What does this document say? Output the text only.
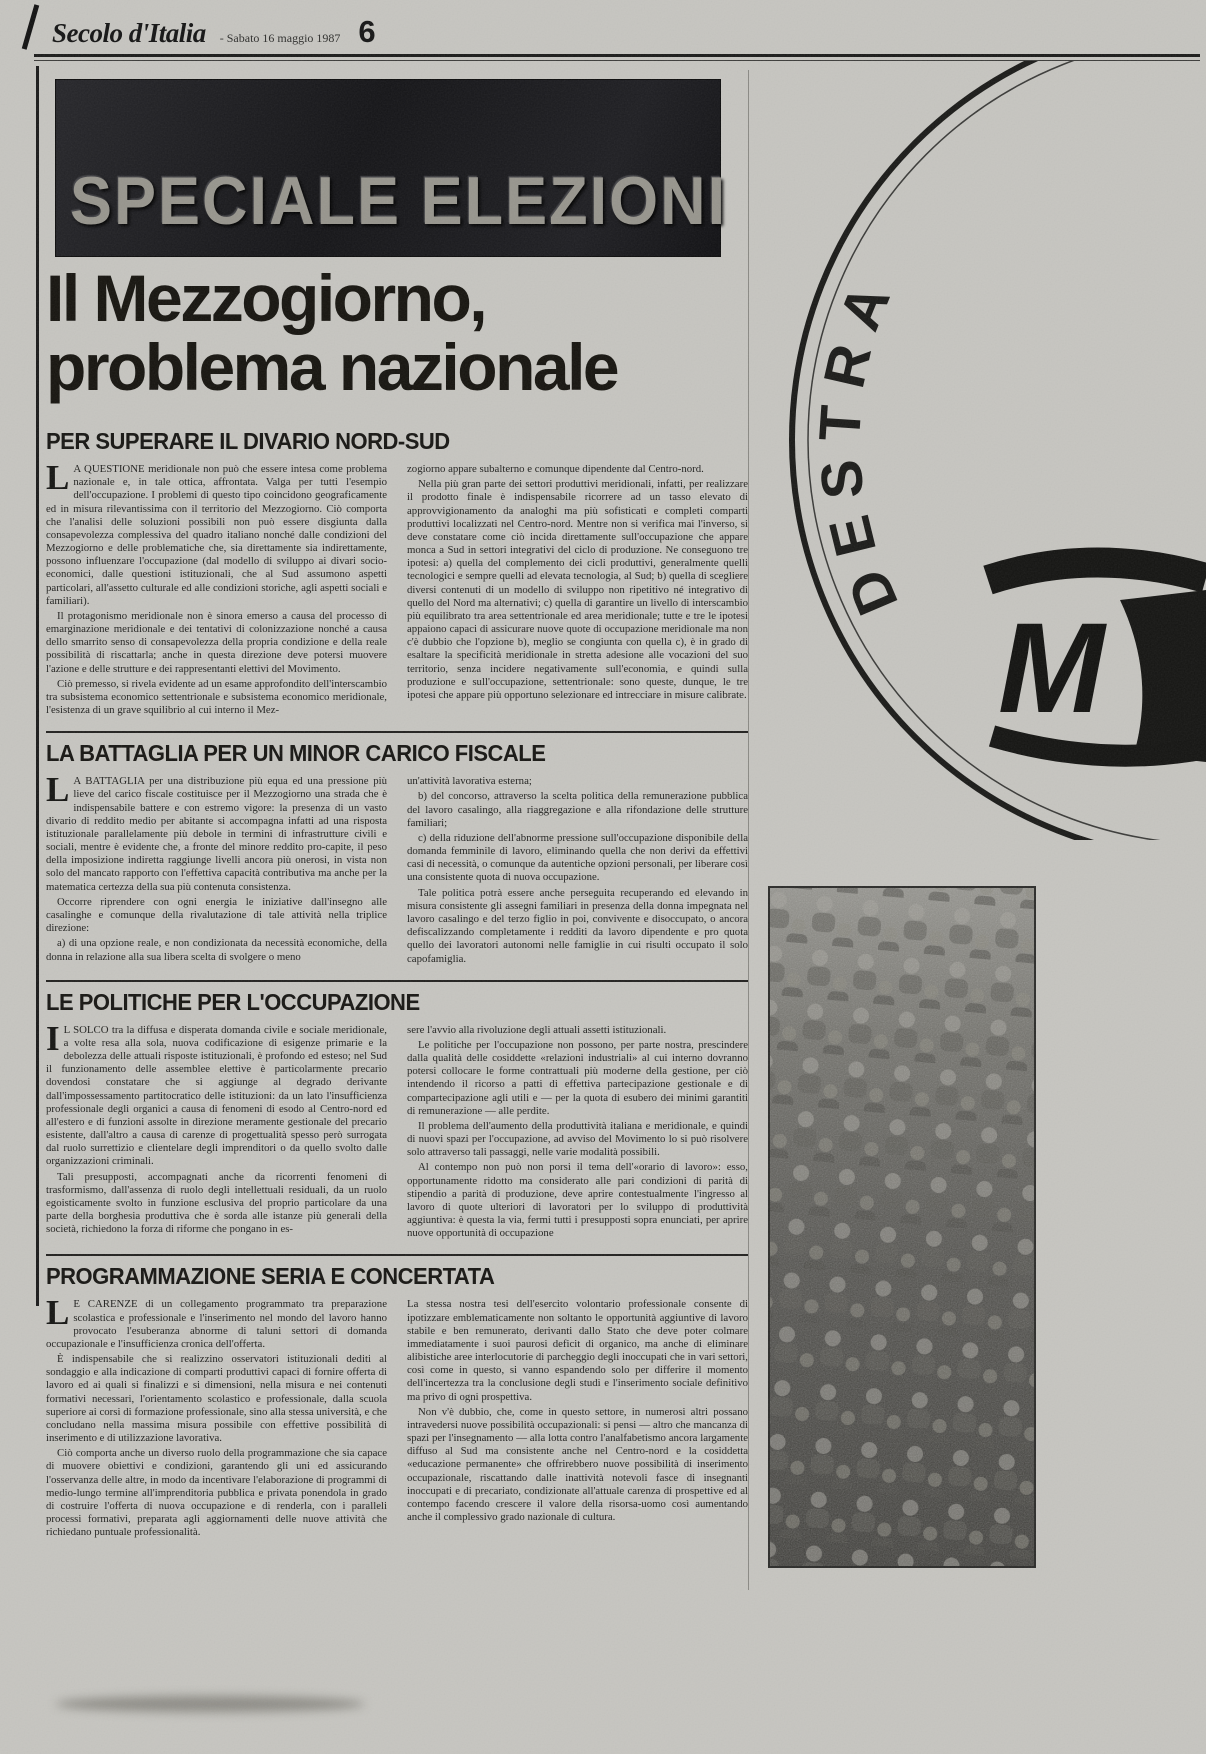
Secolo d'Italia - Sabato 16 maggio 1987 6
SPECIALE ELEZIONI
Il Mezzogiorno,
problema nazionale
PER SUPERARE IL DIVARIO NORD-SUD

L A QUESTIONE meridionale non può che essere intesa come problema nazionale e, in tale ottica, affrontata. Valga per tutti l'esempio dell'occupazione. I problemi di questo tipo coincidono geograficamente ed in misura rilevantissima con il territorio del Mezzogiorno. Ciò comporta che l'analisi delle soluzioni possibili non può essere disgiunta dalla consapevolezza complessiva del quadro italiano nonché dalle condizioni del Mezzogiorno e delle problematiche che, sia direttamente sia indirettamente, possono influenzare l'occupazione (dal modello di sviluppo ai divari socio-economici, dalle questioni istituzionali, che al Sud assumono aspetti particolari, all'assetto culturale ed alle condizioni storiche, agli aspetti sociali e familiari).

Il protagonismo meridionale non è sinora emerso a causa del processo di emarginazione meridionale e dei tentativi di colonizzazione nonché a causa dello smarrito senso di consapevolezza della propria condizione e della reale possibilità di riscattarla; anche in questa direzione deve potersi muovere l'azione e delle strutture e dei rappresentanti elettivi del Movimento.

Ciò premesso, si rivela evidente ad un esame approfondito dell'interscambio tra subsistema economico settentrionale e subsistema economico meridionale, l'esistenza di un grave squilibrio al cui interno il Mez-

zogiorno appare subalterno e comunque dipendente dal Centro-nord.

Nella più gran parte dei settori produttivi meridionali, infatti, per realizzare il prodotto finale è indispensabile ricorrere ad un tasso elevato di approvvigionamento da analoghi ma più sofisticati e completi comparti produttivi localizzati nel Centro-nord. Mentre non si verifica mai l'inverso, si deve constatare come ciò incida direttamente sull'occupazione che appare monca a Sud in settori integrativi del ciclo di produzione. Ne conseguono tre ipotesi: a) quella del complemento dei cicli produttivi, generalmente quelli tecnologici e sempre quelli ad elevata tecnologia, al Sud; b) quella di scegliere diversi contenuti di un modello di sviluppo non ripetitivo né integrativo di quello del Nord ma alternativi; c) quella di garantire un livello di interscambio più equilibrato tra area settentrionale ed area meridionale; tutte e tre le ipotesi appaiono capaci di assicurare nuove quote di occupazione meridionale ma non c'è dubbio che l'opzione b), meglio se congiunta con quella c), è in grado di esaltare la specificità meridionale in stretta adesione alle vocazioni del suo territorio, senza incidere negativamente sull'economia, e quindi sulla produzione e sull'occupazione, settentrionale: sono queste, dunque, le tre ipotesi che appare più opportuno selezionare ed intrecciare in misure calibrate.

LA BATTAGLIA PER UN MINOR CARICO FISCALE

L A BATTAGLIA per una distribuzione più equa ed una pressione più lieve del carico fiscale costituisce per il Mezzogiorno una strada che è indispensabile battere e con estremo vigore: la presenza di un vasto divario di reddito medio per abitante si accompagna infatti ad una risposta istituzionale parallelamente più debole in termini di infrastrutture civili e sociali, mentre è evidente che, a fronte del minore reddito pro-capite, il peso della imposizione indiretta raggiunge livelli ancora più onerosi, in vista non solo del mancato rapporto con l'effettiva capacità contributiva ma anche per la matematica certezza della sua più contenuta consistenza.

Occorre riprendere con ogni energia le iniziative dall'insegno alle casalinghe e comunque della rivalutazione di tale attività nella triplice direzione:

a) di una opzione reale, e non condizionata da necessità economiche, della donna in relazione alla sua libera scelta di svolgere o meno

un'attività lavorativa esterna;

b) del concorso, attraverso la scelta politica della remunerazione pubblica del lavoro casalingo, alla riaggregazione e alla rifondazione delle strutture familiari;

c) della riduzione dell'abnorme pressione sull'occupazione disponibile della domanda femminile di lavoro, eliminando quella che non derivi da effettivi casi di necessità, o comunque da autentiche opzioni personali, per liberare così una consistente quota di nuova occupazione.

Tale politica potrà essere anche perseguita recuperando ed elevando in misura consistente gli assegni familiari in presenza della donna impegnata nel lavoro casalingo e del terzo figlio in poi, convivente e disoccupato, o ancora defiscalizzando completamente i redditi da lavoro dipendente e pro quota quello dei lavoratori autonomi nelle famiglie in cui risulti occupato il solo capofamiglia.

LE POLITICHE PER L'OCCUPAZIONE

I L SOLCO tra la diffusa e disperata domanda civile e sociale meridionale, a volte resa alla sola, nuova codificazione di esigenze primarie e la debolezza delle attuali risposte istituzionali, è profondo ed esteso; nel Sud il funzionamento delle assemblee elettive è particolarmente precario dovendosi constatare che si aggiunge al degrado derivante dall'impossessamento partitocratico delle istituzioni: da un lato l'insufficienza professionale degli organici a causa di fenomeni di esodo al Centro-nord ed all'estero e di funzioni assolte in direzione meramente gestionale del precario esistente, dall'altro a causa di carenze di progettualità spesso però surrogata dal ruolo surrettizio e clientelare degli imprenditori o da quello svolto dalle organizzazioni criminali.

Tali presupposti, accompagnati anche da ricorrenti fenomeni di trasformismo, dall'assenza di ruolo degli intellettuali residuali, da un ruolo egoisticamente svolto in funzione esclusiva del proprio particolare da una parte della borghesia produttiva che è sorda alle istanze più generali della società, richiedono la forza di riforme che pongano in es-

sere l'avvio alla rivoluzione degli attuali assetti istituzionali.

Le politiche per l'occupazione non possono, per parte nostra, prescindere dalla qualità delle cosiddette «relazioni industriali» al cui interno dovranno potersi collocare le forme contrattuali più moderne della gestione, per ciò intendendo il ricorso a patti di effettiva partecipazione gestionale e di compartecipazione agli utili e — per la quota di esubero dei minimi garantiti di remunerazione — alle perdite.

Il problema dell'aumento della produttività italiana e meridionale, e quindi di nuovi spazi per l'occupazione, ad avviso del Movimento lo si può risolvere solo attraverso tali passaggi, nelle varie modalità possibili.

Al contempo non può non porsi il tema dell'«orario di lavoro»: esso, opportunamente ridotto ma considerato alle pari condizioni di parità di stipendio a parità di produzione, deve aprire contestualmente l'ingresso al lavoro di quote ulteriori di lavoratori per lo sviluppo di produttività aggiuntiva: è questa la via, fermi tutti i presupposti sopra enunciati, per aprire nuove opportunità di occupazione

PROGRAMMAZIONE SERIA E CONCERTATA

L E CARENZE di un collegamento programmato tra preparazione scolastica e professionale e l'inserimento nel mondo del lavoro hanno provocato l'esuberanza abnorme di taluni settori di domanda occupazionale e l'insufficienza cronica dell'offerta.

È indispensabile che si realizzino osservatori istituzionali dediti al sondaggio e alla indicazione di comparti produttivi capaci di fornire offerta di lavoro ed ai quali si finalizzi e si dimensioni, nella misura e nei contenuti formativi necessari, l'orientamento scolastico e professionale, dalla scuola superiore ai corsi di formazione professionale, sino alla stessa università, e che concludano nella massima misura possibile con effettive possibilità di inserimento e di utilizzazione lavorativa.

Ciò comporta anche un diverso ruolo della programmazione che sia capace di muovere obiettivi e condizioni, garantendo gli uni ed assicurando l'osservanza delle altre, in modo da incentivare l'elaborazione di programmi di medio-lungo termine all'imprenditoria pubblica e privata ponendola in grado di costruire l'offerta di nuova occupazione e di renderla, con i paralleli processi formativi, preparata agli aggiornamenti delle nuove attività che richiedano puntuale professionalità.

La stessa nostra tesi dell'esercito volontario professionale consente di ipotizzare emblematicamente non soltanto le opportunità aggiuntive di lavoro stabile e ben remunerato, derivanti dallo Stato che deve poter colmare immediatamente i suoi paurosi deficit di organico, ma anche di eliminare alibistiche aree interlocutorie di parcheggio degli inoccupati che in vari settori, così come in questo, si vanno espandendo solo per differire il momento dell'incertezza tra la conclusione degli studi e l'inserimento sociale definitivo ma privo di ogni prospettiva.

Non v'è dubbio, che, come in questo settore, in numerosi altri possano intravedersi nuove possibilità occupazionali: si pensi — altro che mancanza di spazi per l'insegnamento — alla lotta contro l'analfabetismo ancora largamente diffuso al Sud ma consistente anche nel Centro-nord e la cosiddetta «educazione permanente» che offrirebbero nuove possibilità di inserimento occupazionale, riscattando dalle inattività notevoli fasce di insegnanti inoccupati e di precariato, condizionate all'attuale carenza di prospettive ed al contempo facendo crescere il valore della risorsa-uomo così aumentando anche il complessivo grado nazionale di cultura.

DESTRA
M
